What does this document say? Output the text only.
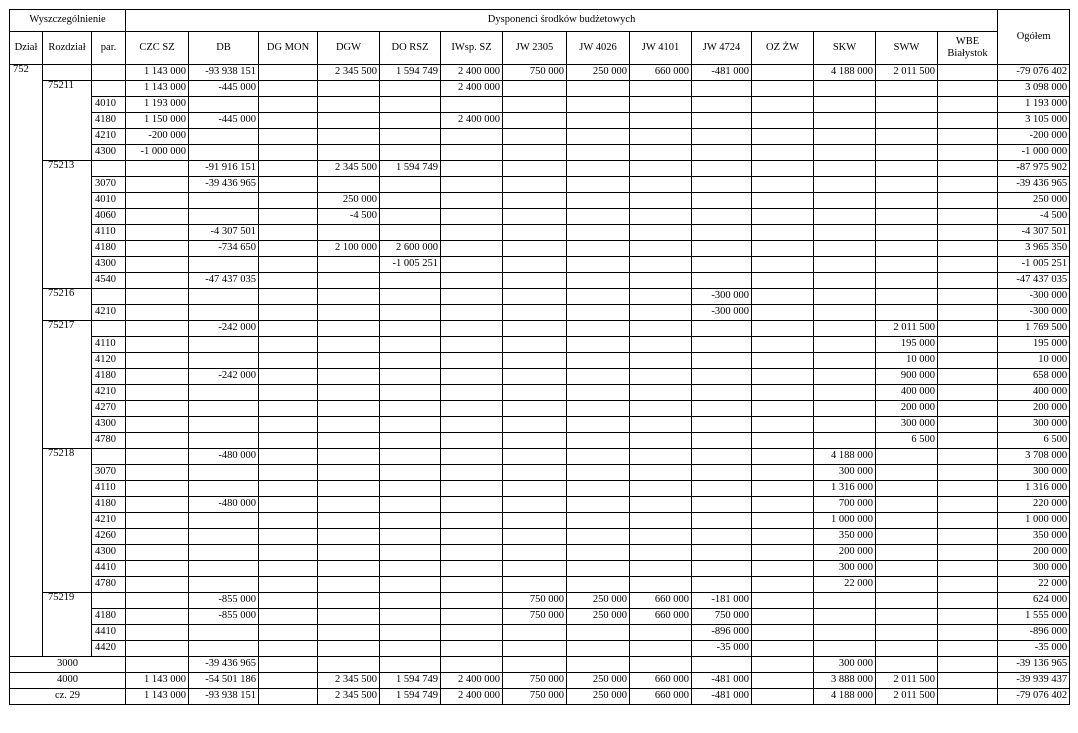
Wyszczególnienie			Dysponenci środków budżetowych														Ogółem
Dział	Rozdział	par.	CZC SZ	DB	DG MON	DGW	DO RSZ	IWsp. SZ	JW 2305	JW 4026	JW 4101	JW 4724	OZ ŻW	SKW	SWW	WBE Białystok	
752			1 143 000	-93 938 151		2 345 500	1 594 749	2 400 000	750 000	250 000	660 000	-481 000		4 188 000	2 011 500		-79 076 402
	75211		1 143 000	-445 000				2 400 000									3 098 000
		4010	1 193 000														1 193 000
		4180	1 150 000	-445 000				2 400 000									3 105 000
		4210	-200 000														-200 000
		4300	-1 000 000														-1 000 000
	75213			-91 916 151		2 345 500	1 594 749										-87 975 902
		3070		-39 436 965													-39 436 965
		4010				250 000											250 000
		4060				-4 500											-4 500
		4110		-4 307 501													-4 307 501
		4180		-734 650		2 100 000	2 600 000										3 965 350
		4300					-1 005 251										-1 005 251
		4540		-47 437 035													-47 437 035
	75216											-300 000					-300 000
		4210										-300 000					-300 000
	75217			-242 000											2 011 500		1 769 500
		4110													195 000		195 000
		4120													10 000		10 000
		4180		-242 000											900 000		658 000
		4210													400 000		400 000
		4270													200 000		200 000
		4300													300 000		300 000
		4780													6 500		6 500
	75218			-480 000										4 188 000			3 708 000
		3070												300 000			300 000
		4110												1 316 000			1 316 000
		4180		-480 000										700 000			220 000
		4210												1 000 000			1 000 000
		4260												350 000			350 000
		4300												200 000			200 000
		4410												300 000			300 000
		4780												22 000			22 000
	75219			-855 000					750 000	250 000	660 000	-181 000					624 000
		4180		-855 000					750 000	250 000	660 000	750 000					1 555 000
		4410										-896 000					-896 000
		4420										-35 000					-35 000
3000				-39 436 965										300 000			-39 136 965
4000			1 143 000	-54 501 186		2 345 500	1 594 749	2 400 000	750 000	250 000	660 000	-481 000		3 888 000	2 011 500		-39 939 437
cz. 29			1 143 000	-93 938 151		2 345 500	1 594 749	2 400 000	750 000	250 000	660 000	-481 000		4 188 000	2 011 500		-79 076 402
